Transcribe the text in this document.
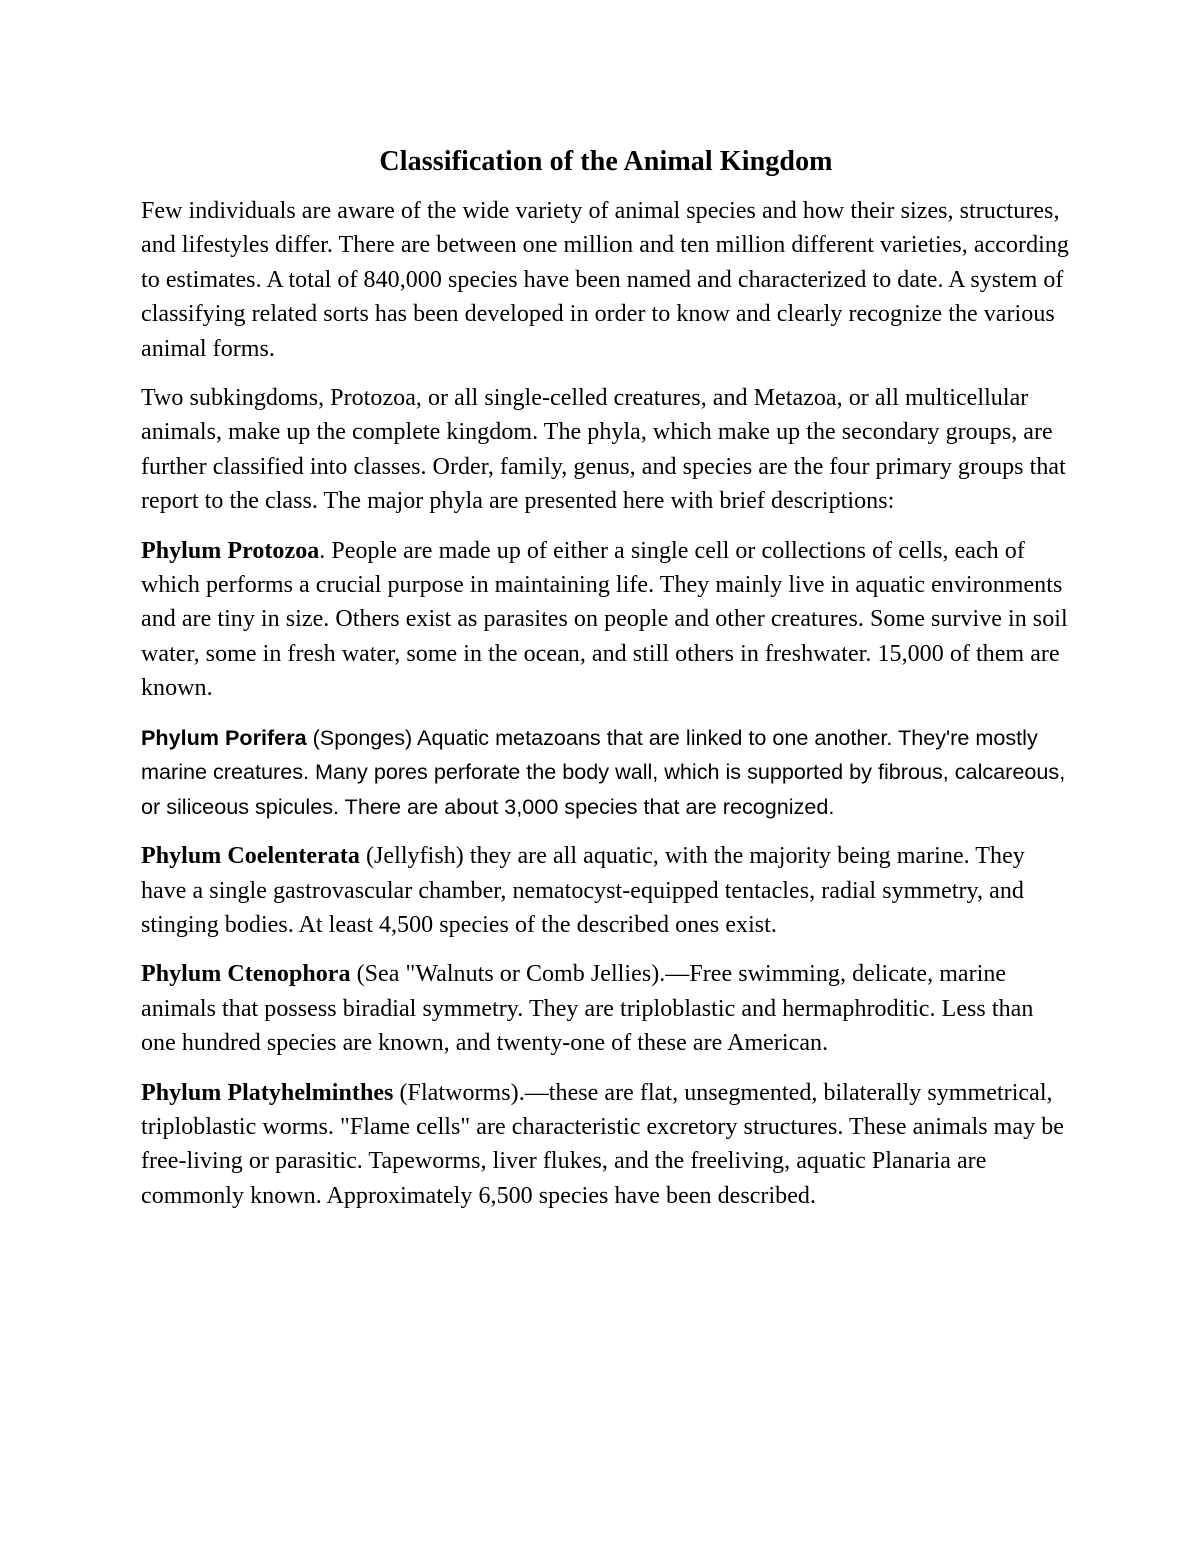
Classification of the Animal Kingdom

Few individuals are aware of the wide variety of animal species and how their sizes, structures, and lifestyles differ. There are between one million and ten million different varieties, according to estimates. A total of 840,000 species have been named and characterized to date. A system of classifying related sorts has been developed in order to know and clearly recognize the various animal forms.

Two subkingdoms, Protozoa, or all single-celled creatures, and Metazoa, or all multicellular animals, make up the complete kingdom. The phyla, which make up the secondary groups, are further classified into classes. Order, family, genus, and species are the four primary groups that report to the class. The major phyla are presented here with brief descriptions:

Phylum Protozoa. People are made up of either a single cell or collections of cells, each of which performs a crucial purpose in maintaining life. They mainly live in aquatic environments and are tiny in size. Others exist as parasites on people and other creatures. Some survive in soil water, some in fresh water, some in the ocean, and still others in freshwater. 15,000 of them are known.

Phylum Porifera (Sponges) Aquatic metazoans that are linked to one another. They're mostly marine creatures. Many pores perforate the body wall, which is supported by fibrous, calcareous, or siliceous spicules. There are about 3,000 species that are recognized.

Phylum Coelenterata (Jellyfish) they are all aquatic, with the majority being marine. They have a single gastrovascular chamber, nematocyst-equipped tentacles, radial symmetry, and stinging bodies. At least 4,500 species of the described ones exist.

Phylum Ctenophora (Sea "Walnuts or Comb Jellies).—Free swimming, delicate, marine animals that possess biradial symmetry. They are triploblastic and hermaphroditic. Less than one hundred species are known, and twenty-one of these are American.

Phylum Platyhelminthes (Flatworms).—these are flat, unsegmented, bilaterally symmetrical, triploblastic worms. "Flame cells" are characteristic excretory structures. These animals may be free-living or parasitic. Tapeworms, liver flukes, and the freeliving, aquatic Planaria are commonly known. Approximately 6,500 species have been described.
